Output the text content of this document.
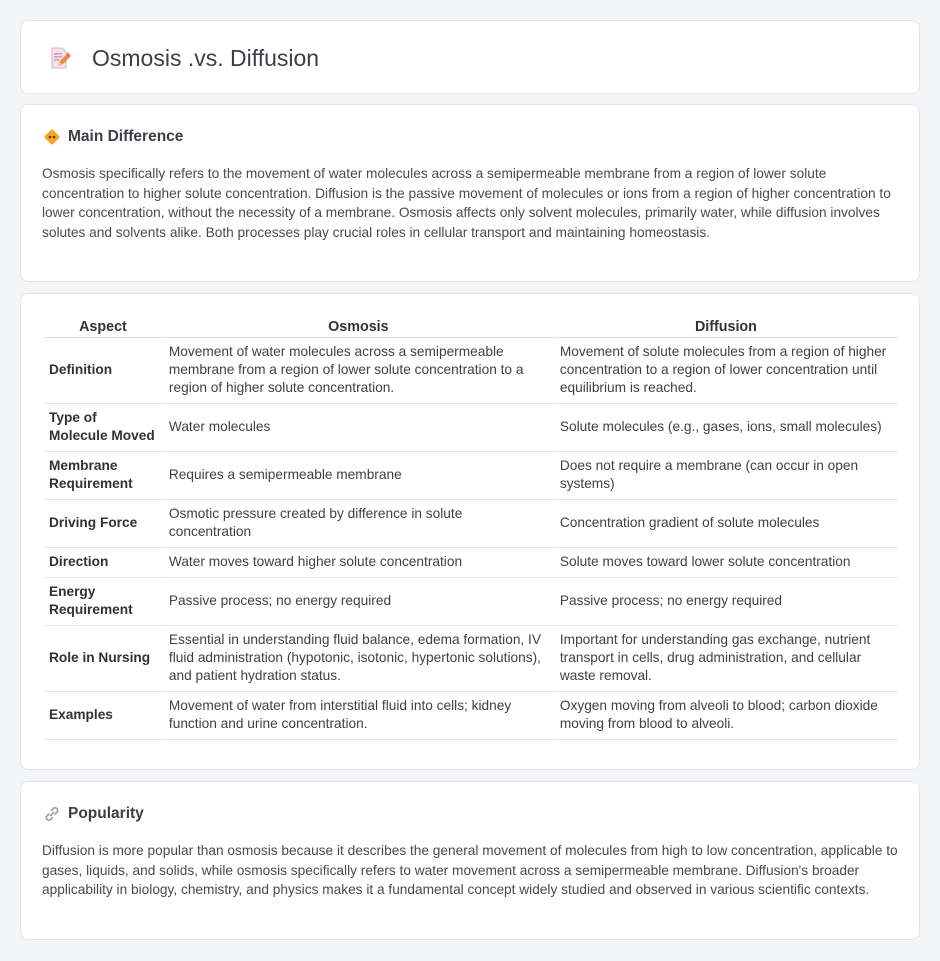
Osmosis .vs. Diffusion
Main Difference

Osmosis specifically refers to the movement of water molecules across a semipermeable membrane from a region of lower solute concentration to higher solute concentration. Diffusion is the passive movement of molecules or ions from a region of higher concentration to lower concentration, without the necessity of a membrane. Osmosis affects only solvent molecules, primarily water, while diffusion involves solutes and solvents alike. Both processes play crucial roles in cellular transport and maintaining homeostasis.

Aspect	Osmosis	Diffusion
Definition	Movement of water molecules across a semipermeable membrane from a region of lower solute concentration to a region of higher solute concentration.	Movement of solute molecules from a region of higher concentration to a region of lower concentration until equilibrium is reached.
Type of Molecule Moved	Water molecules	Solute molecules (e.g., gases, ions, small molecules)
Membrane Requirement	Requires a semipermeable membrane	Does not require a membrane (can occur in open systems)
Driving Force	Osmotic pressure created by difference in solute concentration	Concentration gradient of solute molecules
Direction	Water moves toward higher solute concentration	Solute moves toward lower solute concentration
Energy Requirement	Passive process; no energy required	Passive process; no energy required
Role in Nursing	Essential in understanding fluid balance, edema formation, IV fluid administration (hypotonic, isotonic, hypertonic solutions), and patient hydration status.	Important for understanding gas exchange, nutrient transport in cells, drug administration, and cellular waste removal.
Examples	Movement of water from interstitial fluid into cells; kidney function and urine concentration.	Oxygen moving from alveoli to blood; carbon dioxide moving from blood to alveoli.
Popularity

Diffusion is more popular than osmosis because it describes the general movement of molecules from high to low concentration, applicable to gases, liquids, and solids, while osmosis specifically refers to water movement across a semipermeable membrane. Diffusion's broader applicability in biology, chemistry, and physics makes it a fundamental concept widely studied and observed in various scientific contexts.
